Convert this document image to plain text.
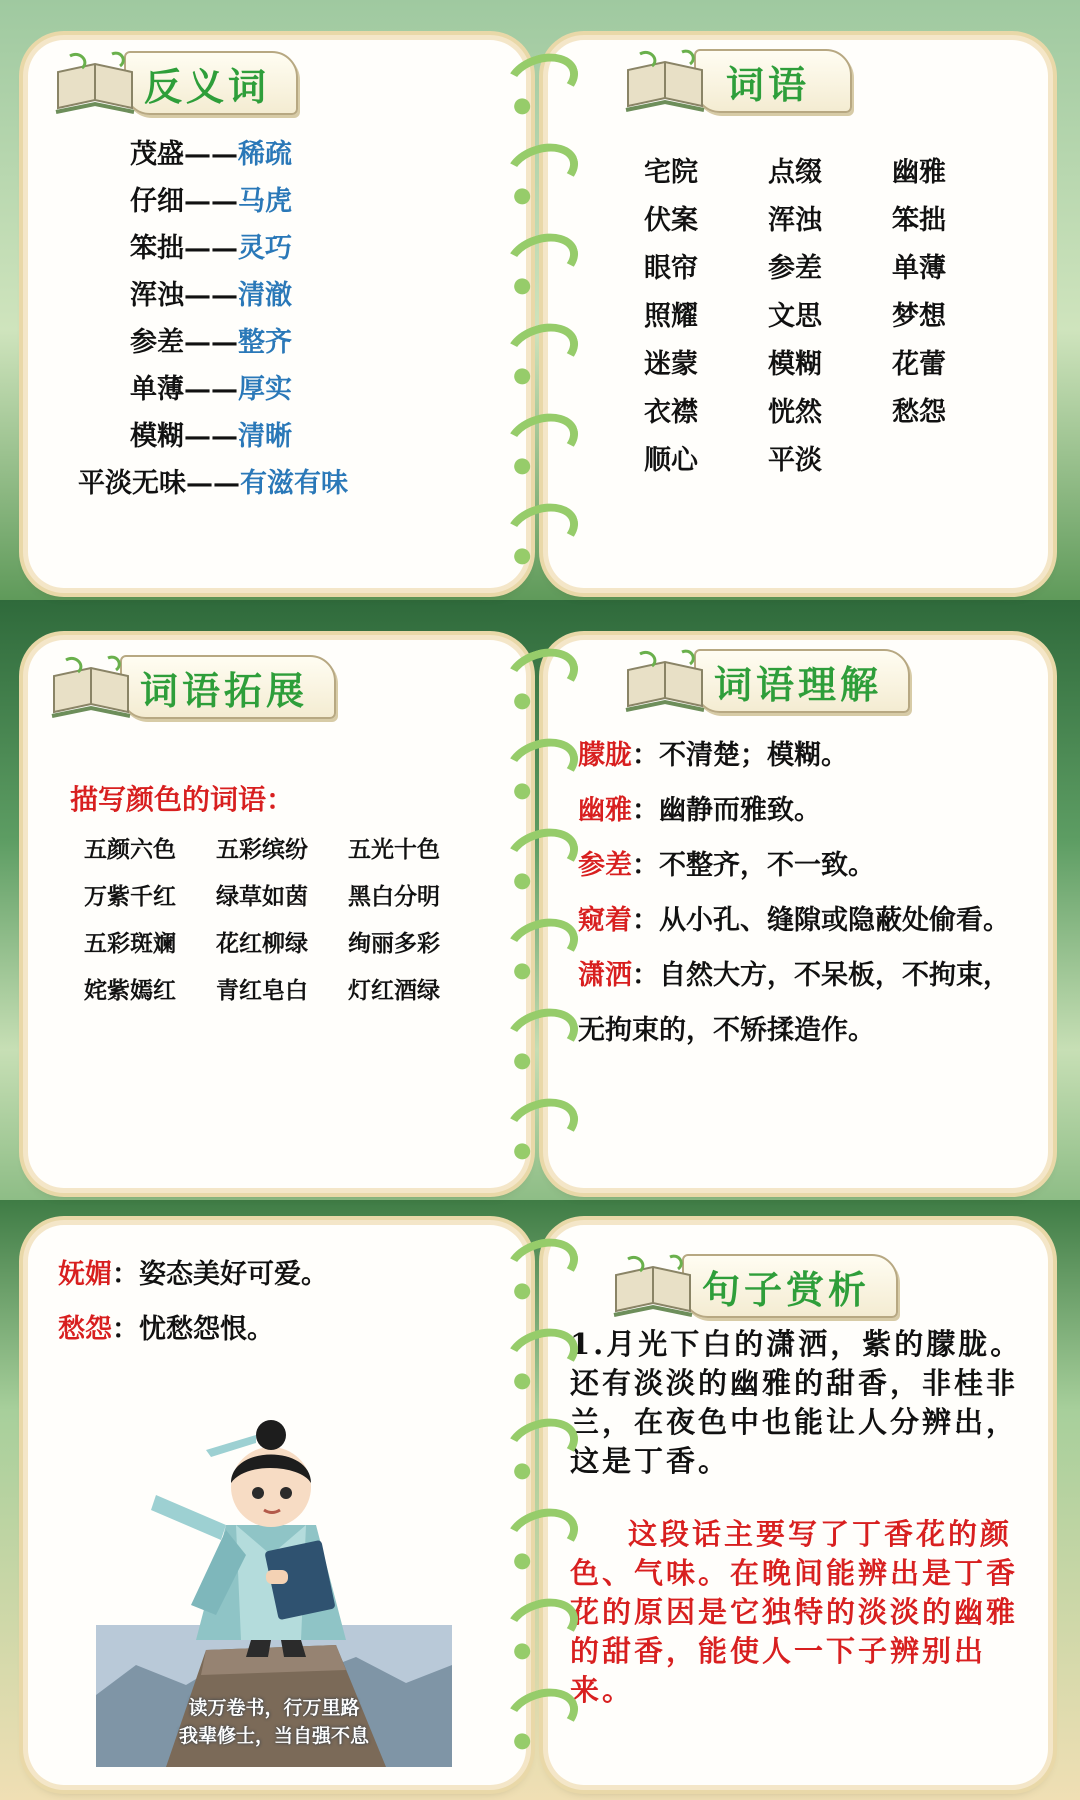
反义词
茂盛——稀疏
仔细——马虎
笨拙——灵巧
浑浊——清澈
参差——整齐
单薄——厚实
模糊——清晰
平淡无味——有滋有味
词语
宅院	点缀	幽雅
伏案	浑浊	笨拙
眼帘	参差	单薄
照耀	文思	梦想
迷蒙	模糊	花蕾
衣襟	恍然	愁怨
顺心	平淡
词语拓展
描写颜色的词语：
五颜六色	五彩缤纷	五光十色
万紫千红	绿草如茵	黑白分明
五彩斑斓	花红柳绿	绚丽多彩
姹紫嫣红	青红皂白	灯红酒绿
词语理解
朦胧：不清楚；模糊。
幽雅：幽静而雅致。
参差：不整齐，不一致。
窥着：从小孔、缝隙或隐蔽处偷看。
潇洒：自然大方，不呆板，不拘束，无拘束的，不矫揉造作。
妩媚：姿态美好可爱。
愁怨：忧愁怨恨。
读万卷书，行万里路
我辈修士，当自强不息
句子赏析
1.月光下白的潇洒，紫的朦胧。还有淡淡的幽雅的甜香，非桂非兰，在夜色中也能让人分辨出，这是丁香。
这段话主要写了丁香花的颜色、气味。在晚间能辨出是丁香花的原因是它独特的淡淡的幽雅的甜香，能使人一下子辨别出来。
